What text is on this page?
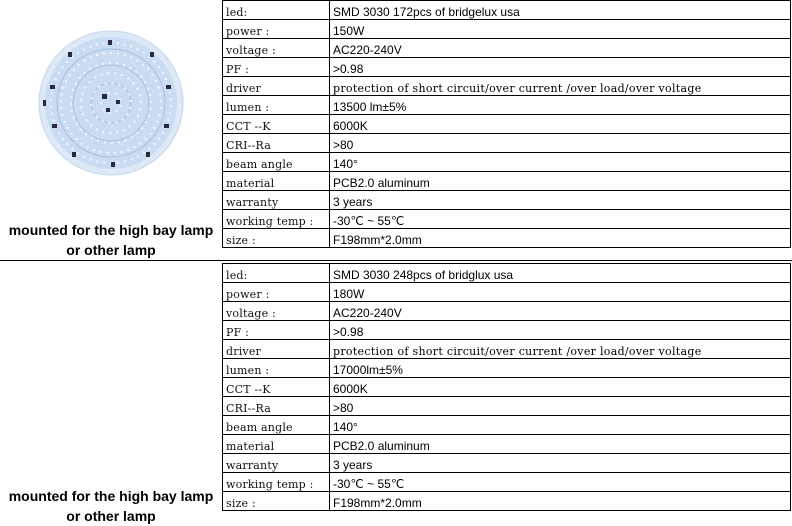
mounted for the high bay lamp
or other lamp
led:	SMD 3030 172pcs of bridgelux usa
power :	150W
voltage :	AC220-240V
PF :	>0.98
driver	protection of short circuit/over current /over load/over voltage
lumen :	13500 lm±5%
CCT --K	6000K
CRI--Ra	>80
beam angle	140°
material	PCB2.0 aluminum
warranty	3 years
working temp :	-30℃ ~ 55℃
size :	F198mm*2.0mm
mounted for the high bay lamp
or other lamp
led:	SMD 3030 248pcs of bridglux usa
power :	180W
voltage :	AC220-240V
PF :	>0.98
driver	protection of short circuit/over current /over load/over voltage
lumen :	17000lm±5%
CCT --K	6000K
CRI--Ra	>80
beam angle	140°
material	PCB2.0 aluminum
warranty	3 years
working temp :	-30℃ ~ 55℃
size :	F198mm*2.0mm
